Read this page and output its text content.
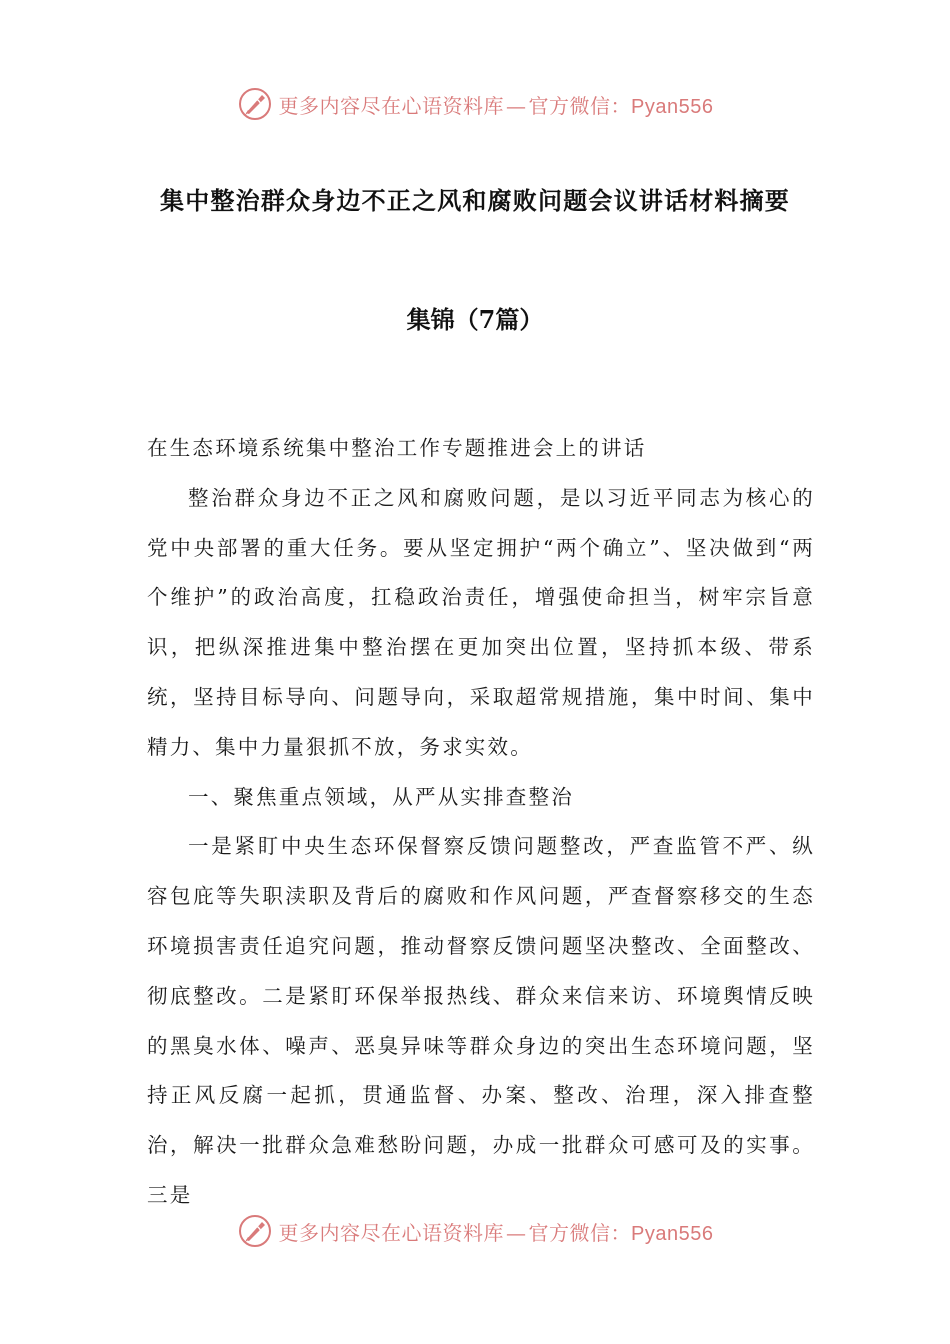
更多内容尽在心语资料库 — 官方微信：Pyan556
集中整治群众身边不正之风和腐败问题会议讲话材料摘要
集锦（7篇）

在生态环境系统集中整治工作专题推进会上的讲话

整治群众身边不正之风和腐败问题，是以习近平同志为核心的党中央部署的重大任务。要从坚定拥护“两个确立”、坚决做到“两个维护”的政治高度，扛稳政治责任，增强使命担当，树牢宗旨意识，把纵深推进集中整治摆在更加突出位置，坚持抓本级、带系统，坚持目标导向、问题导向，采取超常规措施，集中时间、集中精力、集中力量狠抓不放，务求实效。

一、聚焦重点领域，从严从实排查整治

一是紧盯中央生态环保督察反馈问题整改，严查监管不严、纵容包庇等失职渎职及背后的腐败和作风问题，严查督察移交的生态环境损害责任追究问题，推动督察反馈问题坚决整改、全面整改、彻底整改。二是紧盯环保举报热线、群众来信来访、环境舆情反映的黑臭水体、噪声、恶臭异味等群众身边的突出生态环境问题，坚持正风反腐一起抓，贯通监督、办案、整改、治理，深入排查整治，解决一批群众急难愁盼问题，办成一批群众可感可及的实事。三是

更多内容尽在心语资料库 — 官方微信：Pyan556
